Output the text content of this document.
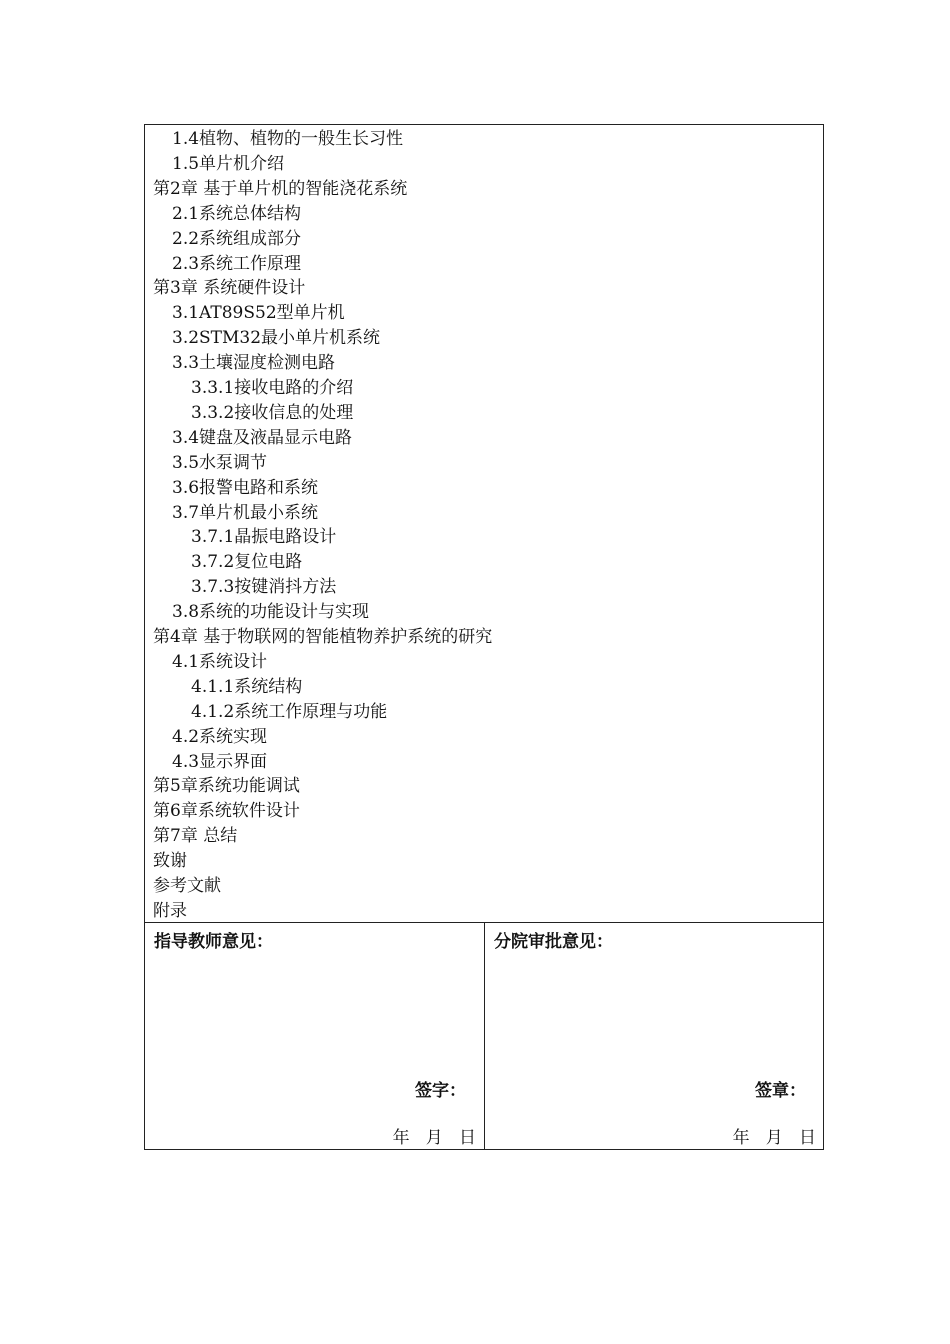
1.4植物、植物的一般生长习性
1.5单片机介绍
第2章 基于单片机的智能浇花系统
2.1系统总体结构
2.2系统组成部分
2.3系统工作原理
第3章 系统硬件设计
3.1AT89S52型单片机
3.2STM32最小单片机系统
3.3土壤湿度检测电路
3.3.1接收电路的介绍
3.3.2接收信息的处理
3.4键盘及液晶显示电路
3.5水泵调节
3.6报警电路和系统
3.7单片机最小系统
3.7.1晶振电路设计
3.7.2复位电路
3.7.3按键消抖方法
3.8系统的功能设计与实现
第4章 基于物联网的智能植物养护系统的研究
4.1系统设计
4.1.1系统结构
4.1.2系统工作原理与功能
4.2系统实现
4.3显示界面
第5章系统功能调试
第6章系统软件设计
第7章 总结
致谢
参考文献
附录
指导教师意见：
签字：
年   月   日
分院审批意见：
签章：
年   月   日
